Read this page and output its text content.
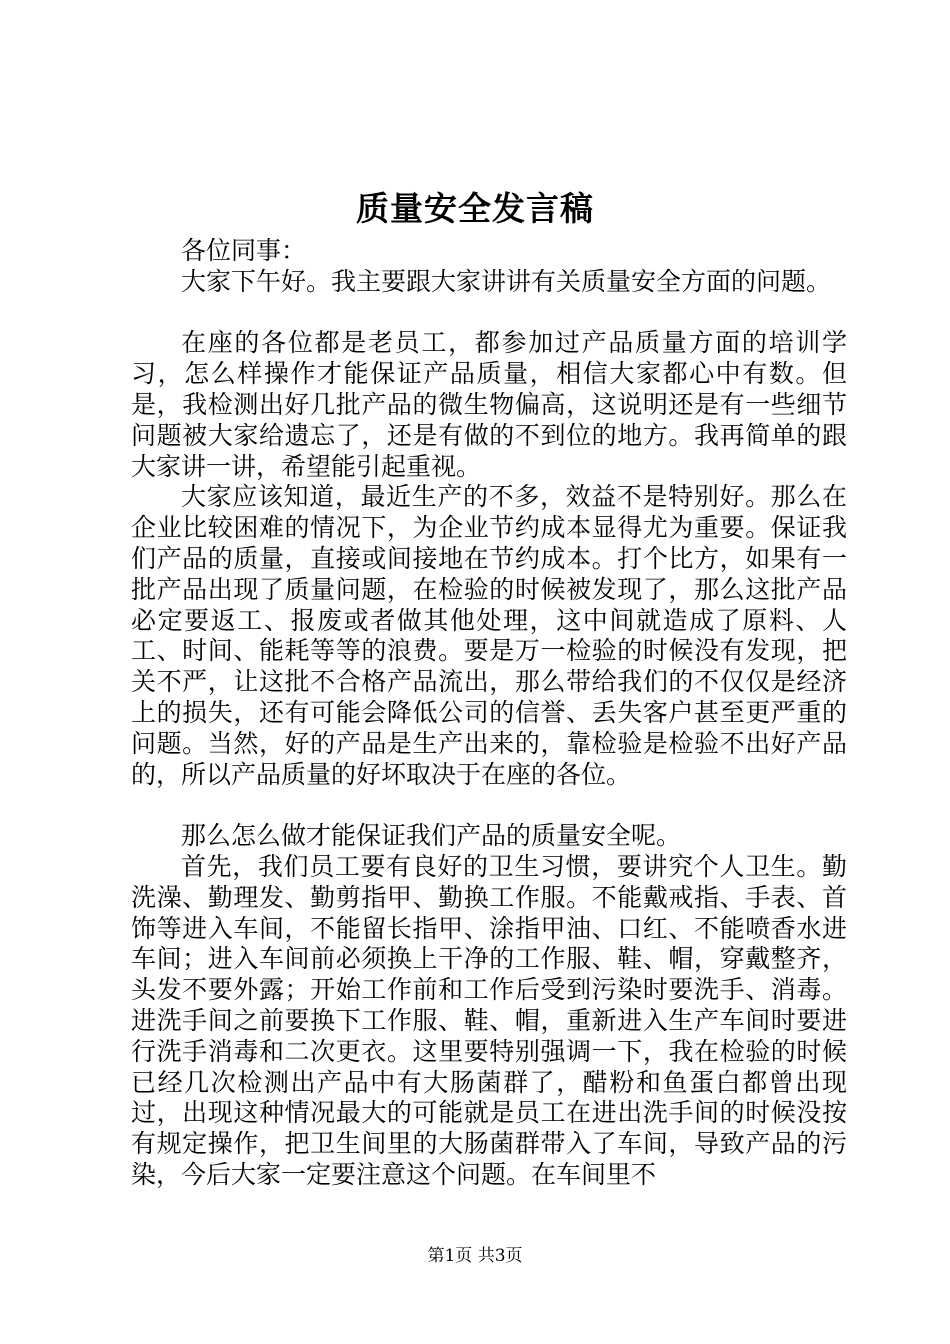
质量安全发言稿

各位同事：

大家下午好。我主要跟大家讲讲有关质量安全方面的问题。

在座的各位都是老员工，都参加过产品质量方面的培训学习，怎么样操作才能保证产品质量，相信大家都心中有数。但是，我检测出好几批产品的微生物偏高，这说明还是有一些细节问题被大家给遗忘了，还是有做的不到位的地方。我再简单的跟大家讲一讲，希望能引起重视。

大家应该知道，最近生产的不多，效益不是特别好。那么在企业比较困难的情况下，为企业节约成本显得尤为重要。保证我们产品的质量，直接或间接地在节约成本。打个比方，如果有一批产品出现了质量问题，在检验的时候被发现了，那么这批产品必定要返工、报废或者做其他处理，这中间就造成了原料、人工、时间、能耗等等的浪费。要是万一检验的时候没有发现，把关不严，让这批不合格产品流出，那么带给我们的不仅仅是经济上的损失，还有可能会降低公司的信誉、丢失客户甚至更严重的问题。当然，好的产品是生产出来的，靠检验是检验不出好产品的，所以产品质量的好坏取决于在座的各位。

那么怎么做才能保证我们产品的质量安全呢。

首先，我们员工要有良好的卫生习惯，要讲究个人卫生。勤洗澡、勤理发、勤剪指甲、勤换工作服。不能戴戒指、手表、首饰等进入车间，不能留长指甲、涂指甲油、口红、不能喷香水进车间；进入车间前必须换上干净的工作服、鞋、帽，穿戴整齐，头发不要外露；开始工作前和工作后受到污染时要洗手、消毒。进洗手间之前要换下工作服、鞋、帽，重新进入生产车间时要进行洗手消毒和二次更衣。这里要特别强调一下，我在检验的时候已经几次检测出产品中有大肠菌群了，醋粉和鱼蛋白都曾出现过，出现这种情况最大的可能就是员工在进出洗手间的时候没按有规定操作，把卫生间里的大肠菌群带入了车间，导致产品的污染，今后大家一定要注意这个问题。在车间里不

第1页 共3页
